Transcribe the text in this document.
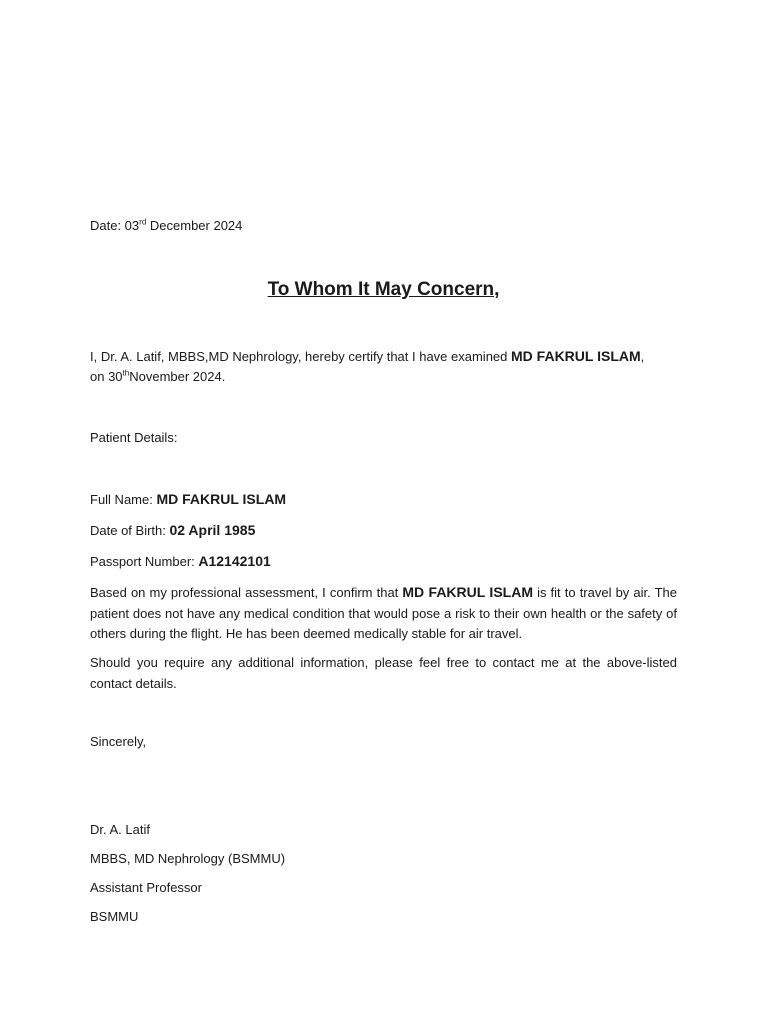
Date: 03rd December 2024
To Whom It May Concern,
I, Dr. A. Latif, MBBS,MD Nephrology, hereby certify that I have examined MD FAKRUL ISLAM,
on 30thNovember 2024.
Patient Details:
Full Name: MD FAKRUL ISLAM
Date of Birth: 02 April 1985
Passport Number: A12142101
Based on my professional assessment, I confirm that MD FAKRUL ISLAM is fit to travel by air. The patient does not have any medical condition that would pose a risk to their own health or the safety of others during the flight. He has been deemed medically stable for air travel.
Should you require any additional information, please feel free to contact me at the above-listed contact details.
Sincerely,
Dr. A. Latif
MBBS, MD Nephrology (BSMMU)
Assistant Professor
BSMMU
